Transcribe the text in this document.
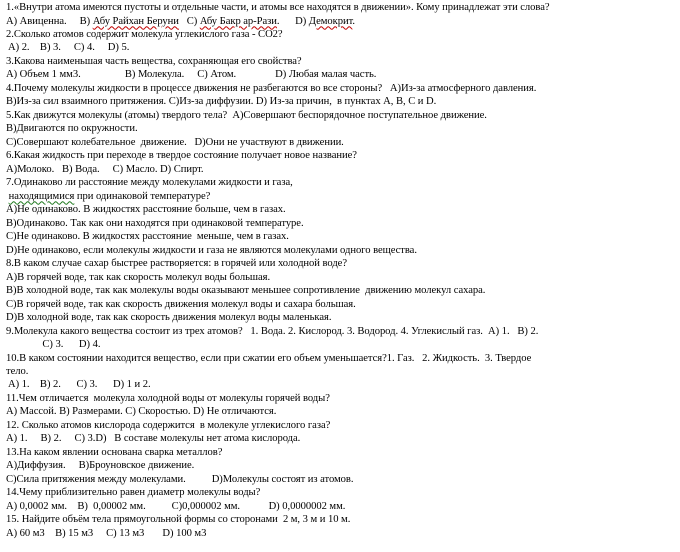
1.«Внутри атома имеются пустоты и отдельные части, и атомы все находятся в движении». Кому принадлежат эти слова?
A) Авиценна.     B) Абу Райхан Беруни   C) Абу Бакр ар-Рази.      D) Демокрит.
2.Сколько атомов содержит молекула углекислого газа - СО2?
A) 2.    B) 3.     C) 4.     D) 5.
3.Какова наименьшая часть вещества, сохраняющая его свойства?
A) Объем 1 мм3.                 B) Молекула.     C) Атом.               D) Любая малая часть.
4.Почему молекулы жидкости в процессе движения не разбегаются во все стороны?   A)Из-за атмосферного давления.
B)Из-за сил взаимного притяжения. C)Из-за диффузии. D) Из-за причин,  в пунктах A, B, C и D.
5.Как движутся молекулы (атомы) твердого тела?  A)Совершают беспорядочное поступательное движение.
B)Двигаются по окружности.
C)Совершают колебательное  движение.   D)Они не участвуют в движении.
6.Какая жидкость при переходе в твердое состояние получает новое название?
A)Молоко.   B) Вода.     C) Масло. D) Спирт.
7.Одинаково ли расстояние между молекулами жидкости и газа,
находящимися при одинаковой температуре?
A)Не одинаково. В жидкостях расстояние больше, чем в газах.
B)Одинаково. Так как они находятся при одинаковой температуре.
C)Не одинаково. В жидкостях расстояние  меньше, чем в газах.
D)Не одинаково, если молекулы жидкости и газа не являются молекулами одного вещества.
8.В каком случае сахар быстрее растворяется: в горячей или холодной воде?
A)В горячей воде, так как скорость молекул воды большая.
B)В холодной воде, так как молекулы воды оказывают меньшее сопротивление  движению молекул сахара.
C)В горячей воде, так как скорость движения молекул воды и сахара большая.
D)В холодной воде, так как скорость движения молекул воды маленькая.
9.Молекула какого вещества состоит из трех атомов?   1. Вода. 2. Кислород. 3. Водород. 4. Углекислый газ.  A) 1.   B) 2.
C) 3.      D) 4.
10.В каком состоянии находится вещество, если при сжатии его объем уменьшается?1. Газ.   2. Жидкость.  3. Твердое
тело.
A) 1.    B) 2.      C) 3.      D) 1 и 2.
11.Чем отличается  молекула холодной воды от молекулы горячей воды?
A) Массой. B) Размерами. C) Скоростью. D) Не отличаются.
12. Сколько атомов кислорода содержится  в молекуле углекислого газа?
A) 1.     B) 2.     C) 3.D)   В составе молекулы нет атома кислорода.
13.На каком явлении основана сварка металлов?
A)Диффузия.     B)Броуновское движение.
C)Сила притяжения между молекулами.          D)Молекулы состоят из атомов.
14.Чему приблизительно равен диаметр молекулы воды?
A) 0,0002 мм.    B)  0,00002 мм.          C)0,000002 мм.           D) 0,0000002 мм.
15. Найдите объём тела прямоугольной формы со сторонами  2 м, 3 м и 10 м.
A) 60 м3    B) 15 м3     C) 13 м3       D) 100 м3
